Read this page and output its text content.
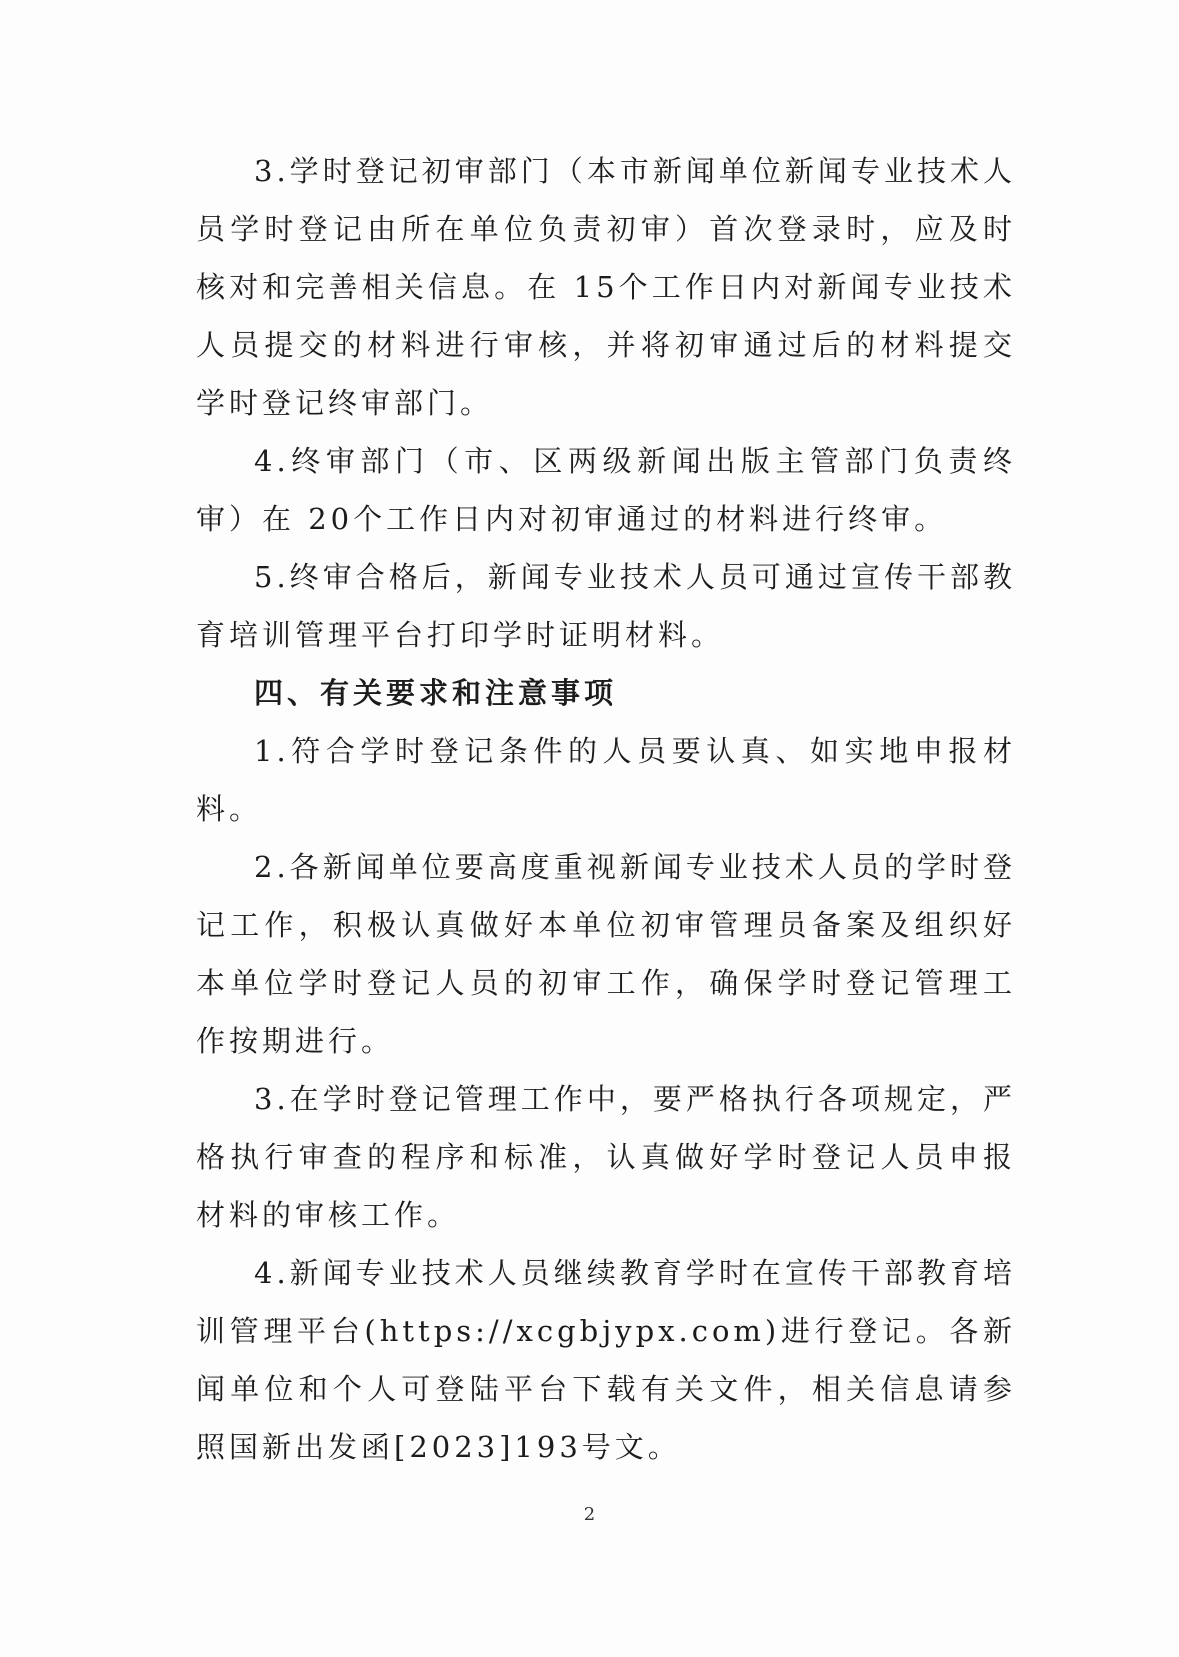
3.学时登记初审部门（本市新闻单位新闻专业技术人员学时登记由所在单位负责初审）首次登录时，应及时核对和完善相关信息。在 15个工作日内对新闻专业技术人员提交的材料进行审核，并将初审通过后的材料提交学时登记终审部门。

4.终审部门（市、区两级新闻出版主管部门负责终审）在 20个工作日内对初审通过的材料进行终审。

5.终审合格后，新闻专业技术人员可通过宣传干部教育培训管理平台打印学时证明材料。

四、有关要求和注意事项

1.符合学时登记条件的人员要认真、如实地申报材料。

2.各新闻单位要高度重视新闻专业技术人员的学时登记工作，积极认真做好本单位初审管理员备案及组织好本单位学时登记人员的初审工作，确保学时登记管理工作按期进行。

3.在学时登记管理工作中，要严格执行各项规定，严格执行审查的程序和标准，认真做好学时登记人员申报材料的审核工作。

4.新闻专业技术人员继续教育学时在宣传干部教育培训管理平台(https://xcgbjypx.com)进行登记。各新闻单位和个人可登陆平台下载有关文件，相关信息请参照国新出发函[2023]193号文。

2
